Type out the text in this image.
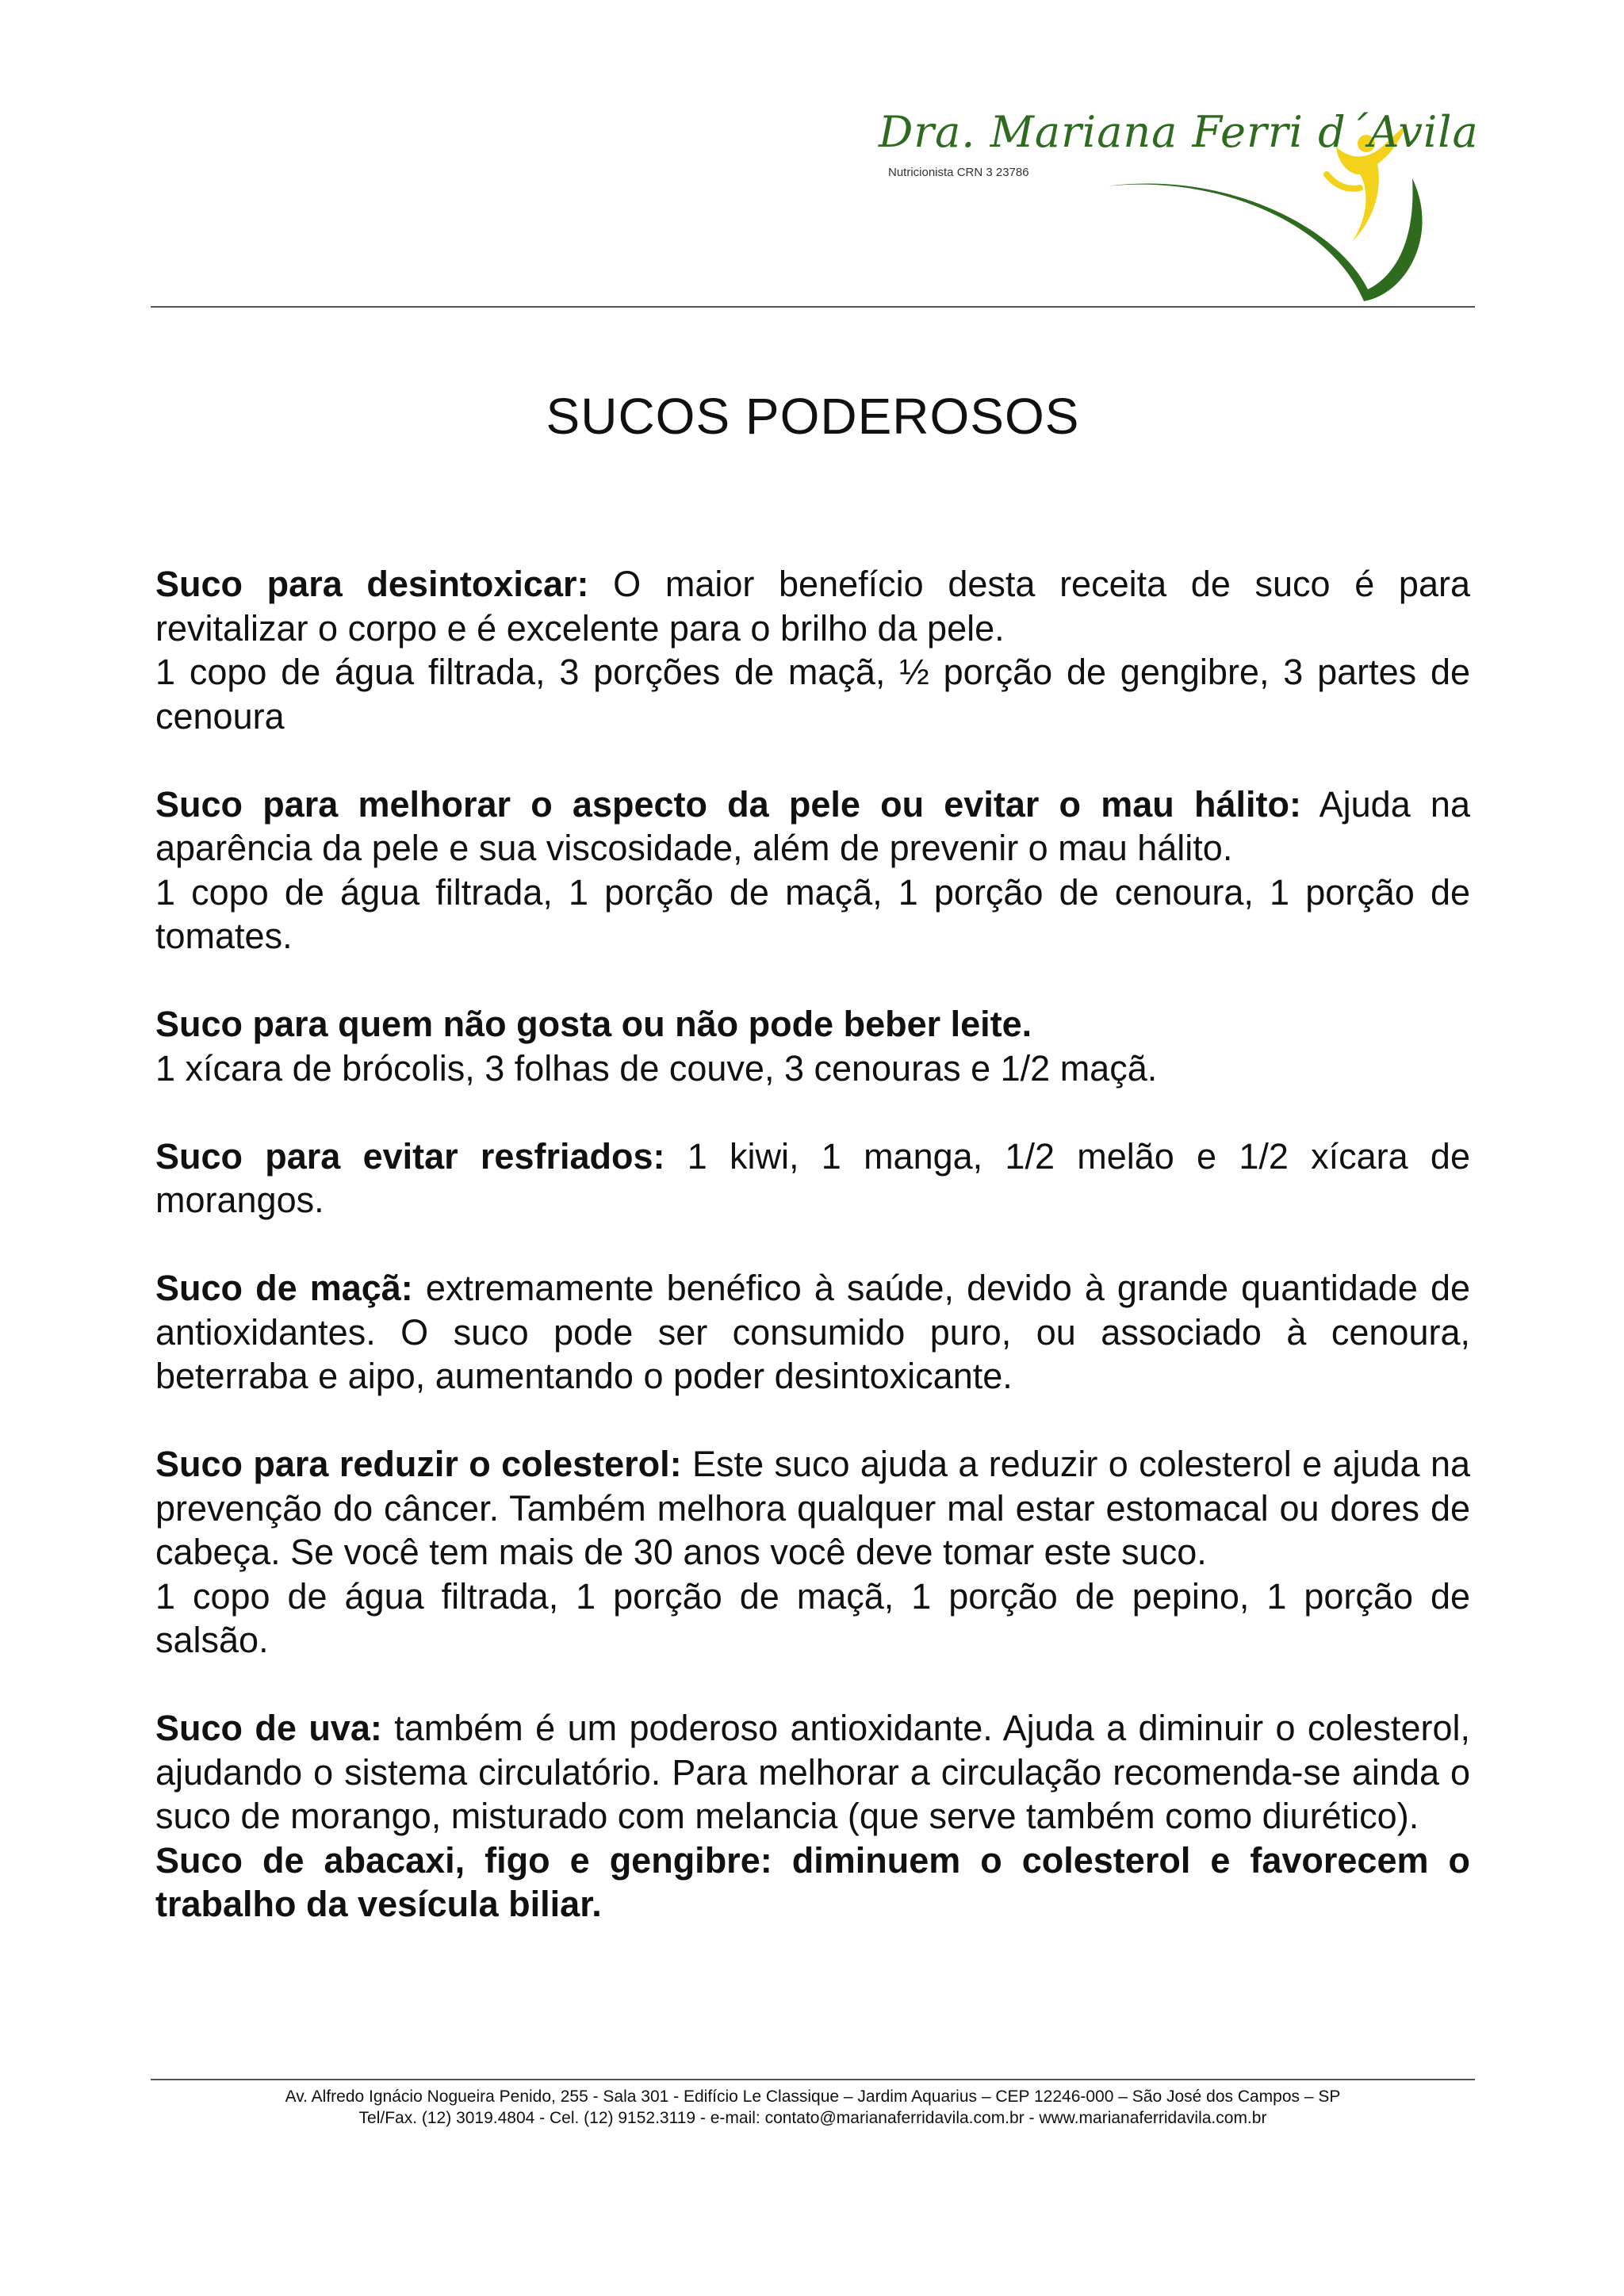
Dra. Mariana Ferri d´Avila
Nutricionista CRN 3 23786
SUCOS PODEROSOS

Suco para desintoxicar: O maior benefício desta receita de suco é para revitalizar o corpo e é excelente para o brilho da pele.

1 copo de água filtrada, 3 porções de maçã, ½ porção de gengibre, 3 partes de cenoura

Suco para melhorar o aspecto da pele ou evitar o mau hálito: Ajuda na aparência da pele e sua viscosidade, além de prevenir o mau hálito.

1 copo de água filtrada, 1 porção de maçã, 1 porção de cenoura, 1 porção de tomates.

Suco para quem não gosta ou não pode beber leite.

1 xícara de brócolis, 3 folhas de couve, 3 cenouras e 1/2 maçã.

Suco para evitar resfriados: 1 kiwi, 1 manga, 1/2 melão e 1/2 xícara de morangos.

Suco de maçã: extremamente benéfico à saúde, devido à grande quantidade de antioxidantes. O suco pode ser consumido puro, ou associado à cenoura, beterraba e aipo, aumentando o poder desintoxicante.

Suco para reduzir o colesterol: Este suco ajuda a reduzir o colesterol e ajuda na prevenção do câncer. Também melhora qualquer mal estar estomacal ou dores de cabeça. Se você tem mais de 30 anos você deve tomar este suco.

1 copo de água filtrada, 1 porção de maçã, 1 porção de pepino, 1 porção de salsão.

Suco de uva: também é um poderoso antioxidante. Ajuda a diminuir o colesterol, ajudando o sistema circulatório. Para melhorar a circulação recomenda-se ainda o suco de morango, misturado com melancia (que serve também como diurético).

Suco de abacaxi, figo e gengibre: diminuem o colesterol e favorecem o trabalho da vesícula biliar.

Av. Alfredo Ignácio Nogueira Penido, 255 - Sala 301 - Edifício Le Classique – Jardim Aquarius – CEP 12246-000 – São José dos Campos – SP
Tel/Fax. (12) 3019.4804 - Cel. (12) 9152.3119 - e-mail: contato@marianaferridavila.com.br - www.marianaferridavila.com.br
